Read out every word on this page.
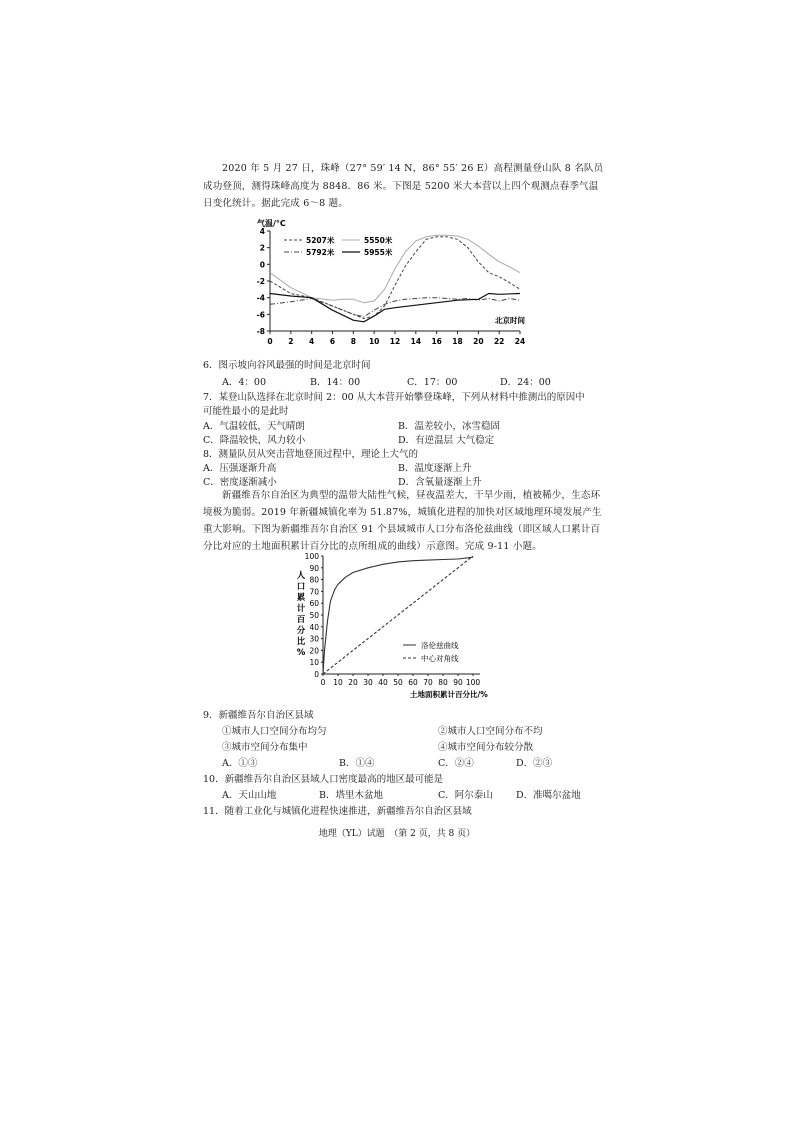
2020 年 5 月 27 日，珠峰（27° 59′ 14 N，86° 55′ 26 E）高程测量登山队 8 名队员成功登顶，测得珠峰高度为 8848．86 米。下图是 5200 米大本营以上四个观测点春季气温日变化统计。据此完成 6～8 题。
气温/°C
4
2
0
-2
-4
-6
-8
0 2 4 6 8 10 12 14 16 18 20 22 24
5207米	5550米
5792米	5955米
北京时间
6．图示坡向谷风最强的时间是北京时间
A．4：00	B．14：00	C．17：00	D．24：00
7．某登山队选择在北京时间 2：00 从大本营开始攀登珠峰，下列从材料中推测出的原因中
可能性最小的是此时
A．气温较低，天气晴朗	B．温差较小，冰雪稳固
C．降温较快，风力较小	D．有逆温层 大气稳定
8．测量队员从突击营地登顶过程中，理论上大气的
A．压强逐渐升高	B．温度逐渐上升
C．密度逐渐减小	D．含氧量逐渐上升
新疆维吾尔自治区为典型的温带大陆性气候，昼夜温差大，干旱少雨，植被稀少，生态环境极为脆弱。2019 年新疆城镇化率为 51.87%，城镇化进程的加快对区域地理环境发展产生重大影响。下图为新疆维吾尔自治区 91 个县域城市人口分布洛伦兹曲线（即区域人口累计百分比对应的土地面积累计百分比的点所组成的曲线）示意图。完成 9-11 小题。
人
口
累
计
百
分
比
%
100
90
80
70
60
50
40
30
20
10
0
0 10 20 30 40 50 60 70 80 90 100
洛伦兹曲线
中心对角线
土地面积累计百分比/%
9．新疆维吾尔自治区县域
①城市人口空间分布均匀	②城市人口空间分布不均
③城市空间分布集中	④城市空间分布较分散
A．①③	B．①④	C．②④	D．②③
10．新疆维吾尔自治区县域人口密度最高的地区最可能是
A．天山山地	B．塔里木盆地	C．阿尔泰山 D．准噶尔盆地
11．随着工业化与城镇化进程快速推进，新疆维吾尔自治区县域
地理（YL）试题　（第 2 页，共 8 页）
